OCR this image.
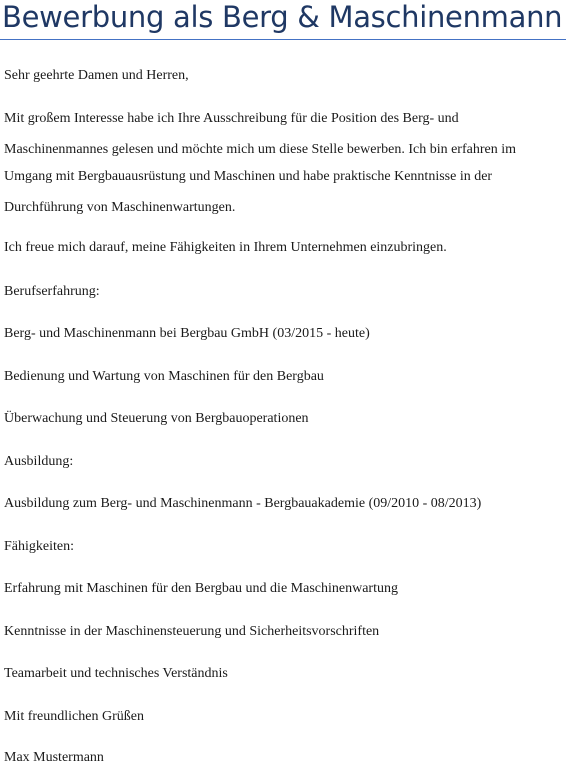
Bewerbung als Berg & Maschinenmann

Sehr geehrte Damen und Herren,

Mit großem Interesse habe ich Ihre Ausschreibung für die Position des Berg- und

Maschinenmannes gelesen und möchte mich um diese Stelle bewerben. Ich bin erfahren im

Umgang mit Bergbauausrüstung und Maschinen und habe praktische Kenntnisse in der

Durchführung von Maschinenwartungen.

Ich freue mich darauf, meine Fähigkeiten in Ihrem Unternehmen einzubringen.

Berufserfahrung:

Berg- und Maschinenmann bei Bergbau GmbH (03/2015 - heute)

Bedienung und Wartung von Maschinen für den Bergbau

Überwachung und Steuerung von Bergbauoperationen

Ausbildung:

Ausbildung zum Berg- und Maschinenmann - Bergbauakademie (09/2010 - 08/2013)

Fähigkeiten:

Erfahrung mit Maschinen für den Bergbau und die Maschinenwartung

Kenntnisse in der Maschinensteuerung und Sicherheitsvorschriften

Teamarbeit und technisches Verständnis

Mit freundlichen Grüßen

Max Mustermann
